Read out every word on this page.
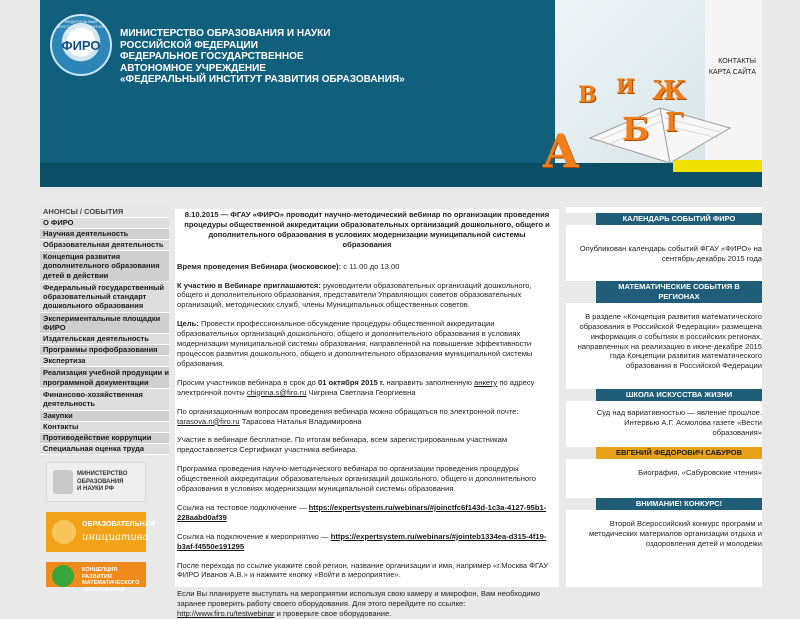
ФЕДЕРАЛЬНЫЙ ИНСТИТУТ РАЗВИТИЯ ОБРАЗОВАНИЯ
ФИРО
МИНИСТЕРСТВО ОБРАЗОВАНИЯ И НАУКИ
РОССИЙСКОЙ ФЕДЕРАЦИИ
ФЕДЕРАЛЬНОЕ ГОСУДАРСТВЕННОЕ
АВТОНОМНОЕ УЧРЕЖДЕНИЕ
«ФЕДЕРАЛЬНЫЙ ИНСТИТУТ РАЗВИТИЯ ОБРАЗОВАНИЯ»
В И Ж
А Б Г
КОНТАКТЫ
КАРТА САЙТА
АНОНСЫ / СОБЫТИЯ
О ФИРО
Научная деятельность
Образовательная деятельность
Концепция развития дополнительного образования детей в действии
Федеральный государственный образовательный стандарт дошкольного образования
Экспериментальные площадки ФИРО
Издательская деятельность
Программы профобразования
Экспертиза
Реализация учебной продукции и программной документации
Финансово-хозяйственная деятельность
Закупки
Контакты
Противодействие коррупции
Специальная оценка труда
МИНИСТЕРСТВО
ОБРАЗОВАНИЯ
И НАУКИ РФ
ОБРАЗОВАТЕЛЬНАЯ
инициатива
КОНЦЕПЦИЯ РАЗВИТИЯ
МАТЕМАТИЧЕСКОГО
ОБРАЗОВАНИЯ

8.10.2015 — ФГАУ «ФИРО» проводит научно-методический вебинар по организации проведения процедуры общественной аккредитации образовательных организаций дошкольного, общего и дополнительного образования в условиях модернизации муниципальной системы образования

Время проведения Вебинара (московское): с 11.00 до 13.00

К участию в Вебинаре приглашаются: руководители образовательных организаций дошкольного, общего и дополнительного образования, представители Управляющих советов образовательных организаций, методических служб, члены Муниципальных общественных советов.

Цель: Провести профессиональное обсуждение процедуры общественной аккредитации образовательных организаций дошкольного, общего и дополнительного образования в условиях модернизации муниципальной системы образования, направленной на повышение эффективности процессов развития дошкольного, общего и дополнительного образования муниципальной системы образования.

Просим участников вебинара в срок до 01 октября 2015 г. направить заполненную анкету по адресу электронной почты chigrina.s@firo.ru Чигрина Светлана Георгиевна

По организационным вопросам проведения вебинара можно обращаться по электронной почте: tarasova.n@firo.ru Тарасова Наталья Владимировна

Участие в вебинаре бесплатное. По итогам вебинара, всем зарегистрированным участникам предоставляется Сертификат участника вебинара.

Программа проведения научно-методического вебинара по организации проведения процедуры общественной аккредитации образовательных организаций дошкольного, общего и дополнительного образования в условиях модернизации муниципальной системы образования.

Ссылка на тестовое подключение — https://expertsystem.ru/webinars/#joinctfc6f143d-1c3a-4127-95b1-228aabd0af39

Ссылка на подключение к мероприятию — https://expertsystem.ru/webinars/#jointeb1334ea-d315-4f19-b3af-f4550e191295

После перехода по ссылке укажите свой регион, название организации и имя, например «г.Москва ФГАУ ФИРО Иванов А.В.» и нажмите кнопку «Войти в мероприятие».

Если Вы планируете выступать на мероприятии используя свою камеру и микрофон, Вам необходимо заранее проверить работу своего оборудования. Для этого перейдите по ссылке: http://www.firo.ru/testwebinar и проверьте свое оборудование.

КАЛЕНДАРЬ СОБЫТИЙ ФИРО
Опубликован календарь событий ФГАУ «ФИРО» на сентябрь-декабрь 2015 года
МАТЕМАТИЧЕСКИЕ СОБЫТИЯ В РЕГИОНАХ
В разделе «Концепция развития математического образования в Российской Федерации» размещена информация о событиях в российских регионах, направленных на реализацию в июне-декабре 2015 года Концепции развития математического образования в Российской Федерации
ШКОЛА ИСКУССТВА ЖИЗНИ
Суд над вариативностью — явление прошлое. Интервью А.Г. Асмолова газете «Вести образования»
ЕВГЕНИЙ ФЕДОРОВИЧ САБУРОВ
Биография, «Сабуровские чтения»
ВНИМАНИЕ! КОНКУРС!
Второй Всероссийский конкурс программ и методических материалов организации отдыха и оздоровления детей и молодежи
